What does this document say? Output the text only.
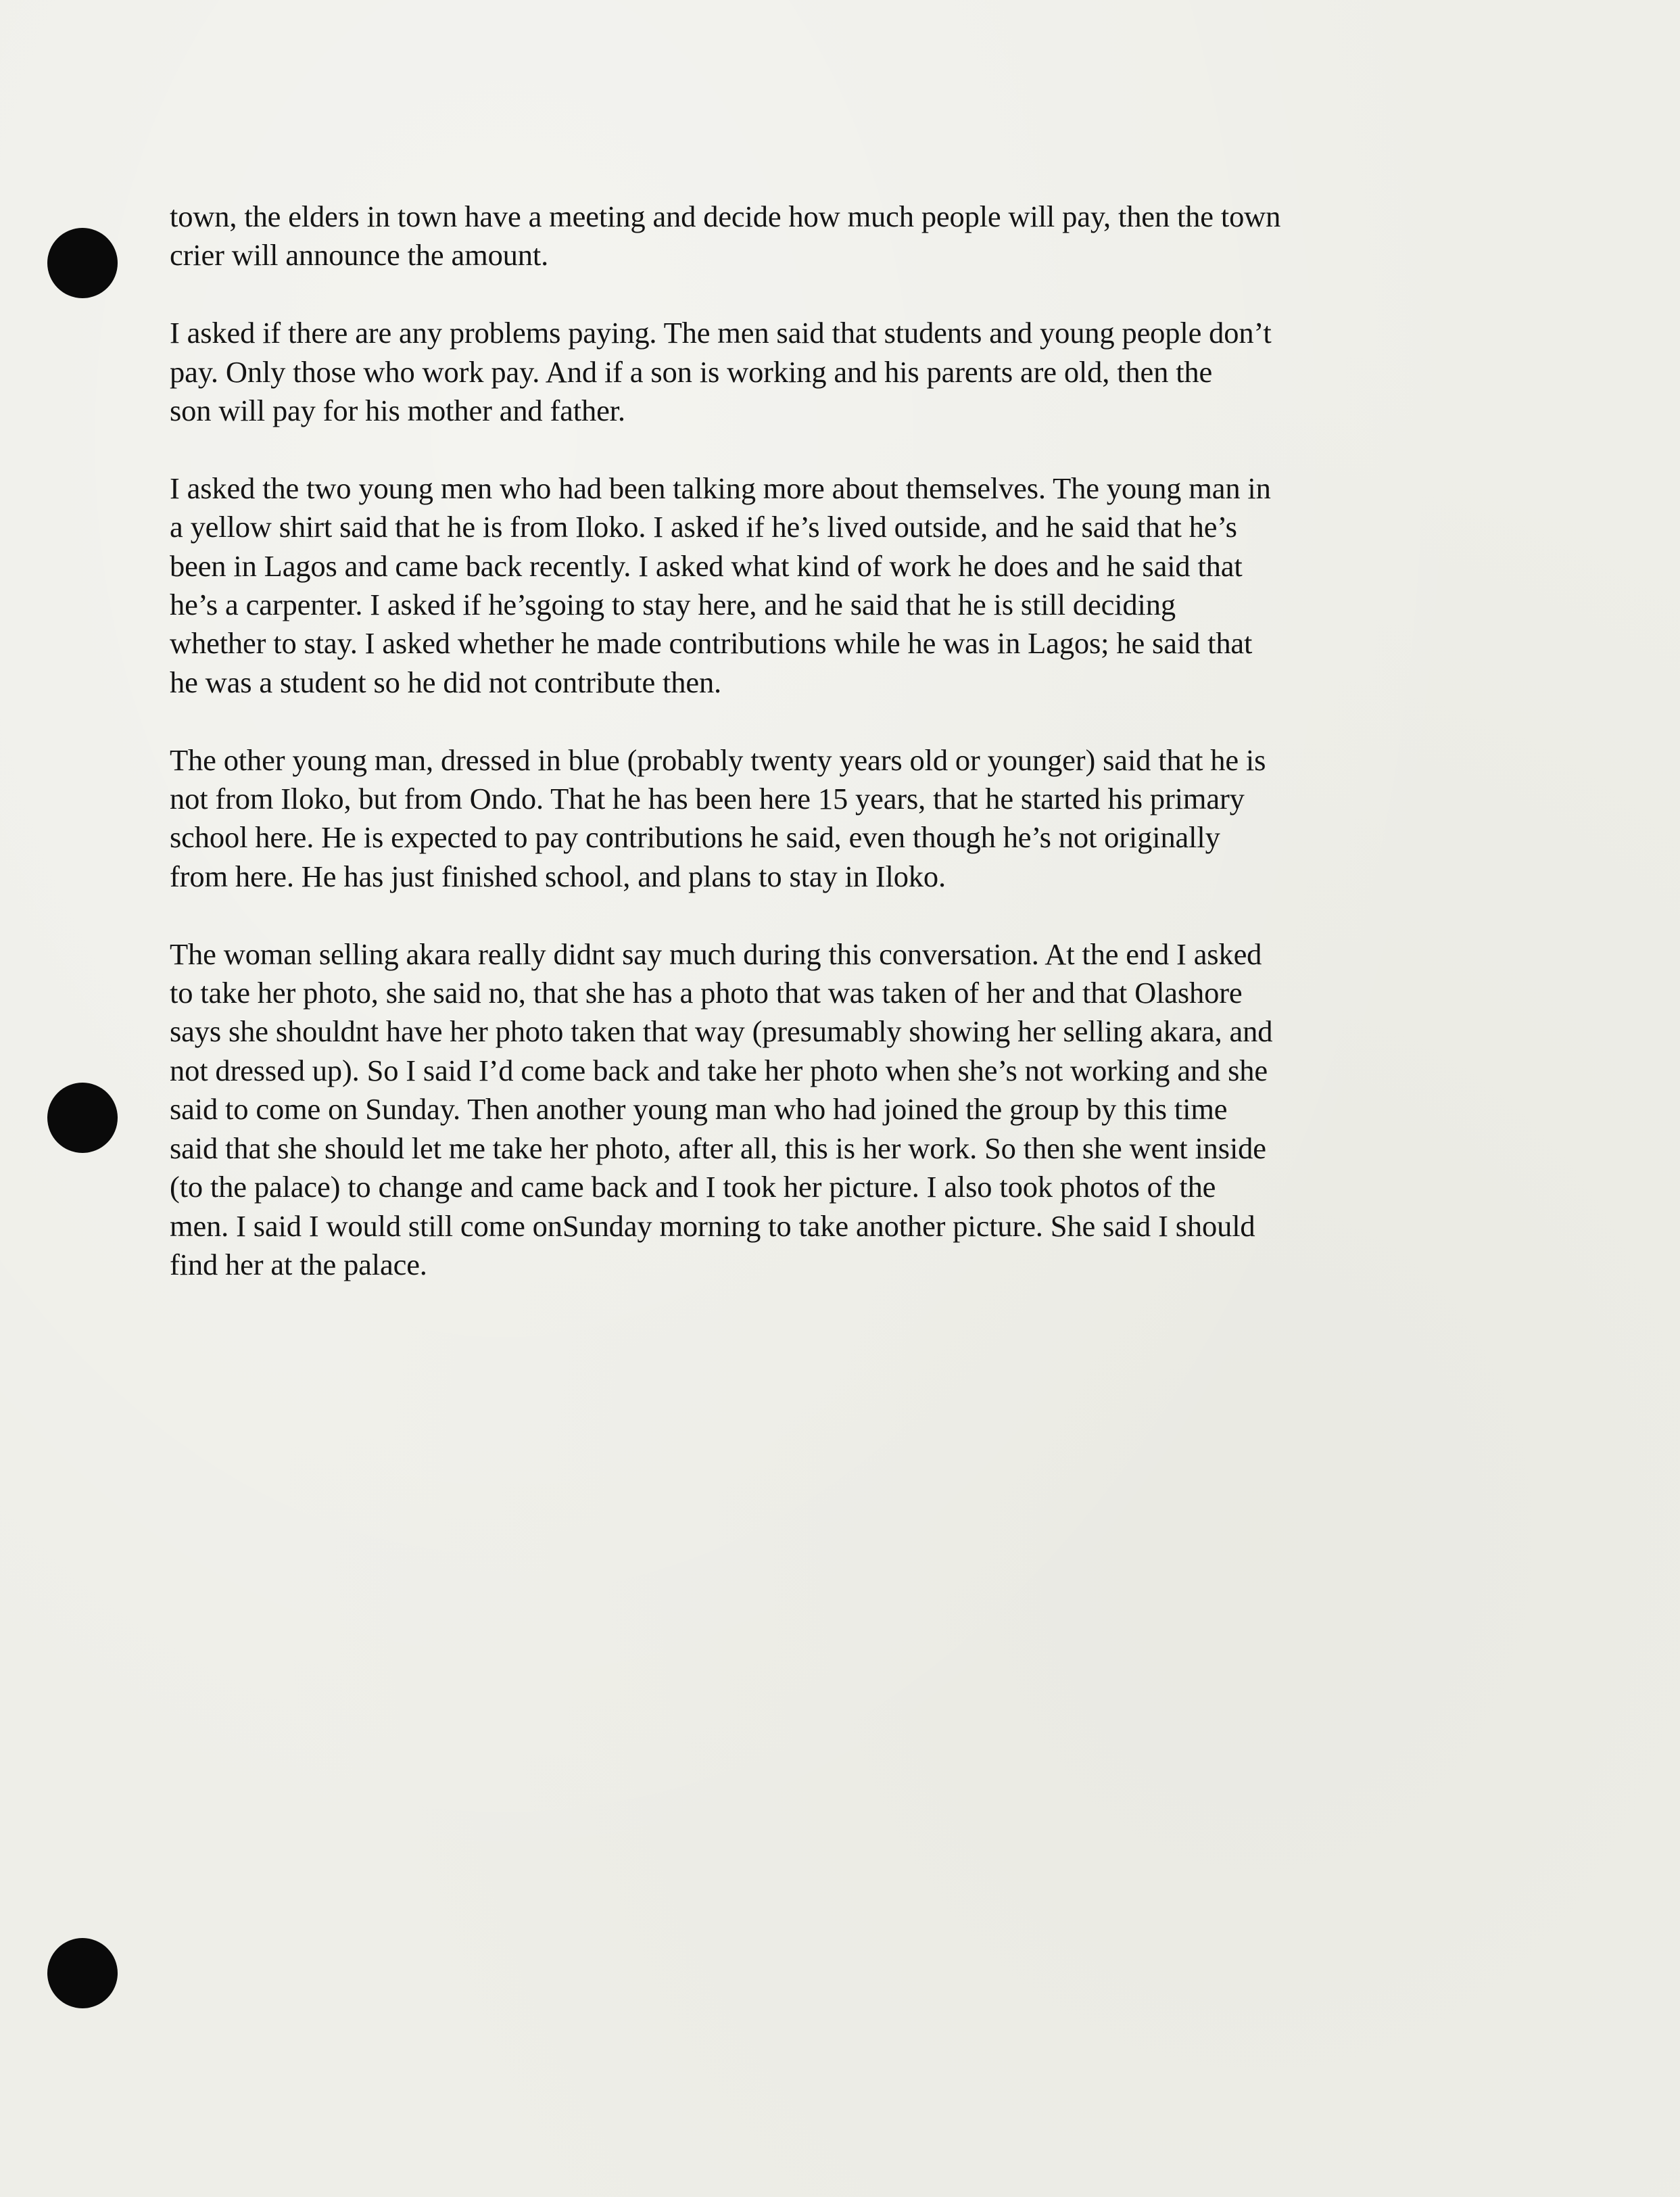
town, the elders in town have a meeting and decide how much people will pay, then the town
crier will announce the amount.

I asked if there are any problems paying. The men said that students and young people don’t
pay. Only those who work pay. And if a son is working and his parents are old, then the
son will pay for his mother and father.

I asked the two young men who had been talking more about themselves. The young man in
a yellow shirt said that he is from Iloko. I asked if he’s lived outside, and he said that he’s
been in Lagos and came back recently. I asked what kind of work he does and he said that
he’s a carpenter. I asked if he’sgoing to stay here, and he said that he is still deciding
whether to stay. I asked whether he made contributions while he was in Lagos; he said that
he was a student so he did not contribute then.

The other young man, dressed in blue (probably twenty years old or younger) said that he is
not from Iloko, but from Ondo. That he has been here 15 years, that he started his primary
school here. He is expected to pay contributions he said, even though he’s not originally
from here. He has just finished school, and plans to stay in Iloko.

The woman selling akara really didnt say much during this conversation. At the end I asked
to take her photo, she said no, that she has a photo that was taken of her and that Olashore
says she shouldnt have her photo taken that way (presumably showing her selling akara, and
not dressed up). So I said I’d come back and take her photo when she’s not working and she
said to come on Sunday. Then another young man who had joined the group by this time
said that she should let me take her photo, after all, this is her work. So then she went inside
(to the palace) to change and came back and I took her picture. I also took photos of the
men. I said I would still come onSunday morning to take another picture. She said I should
find her at the palace.
